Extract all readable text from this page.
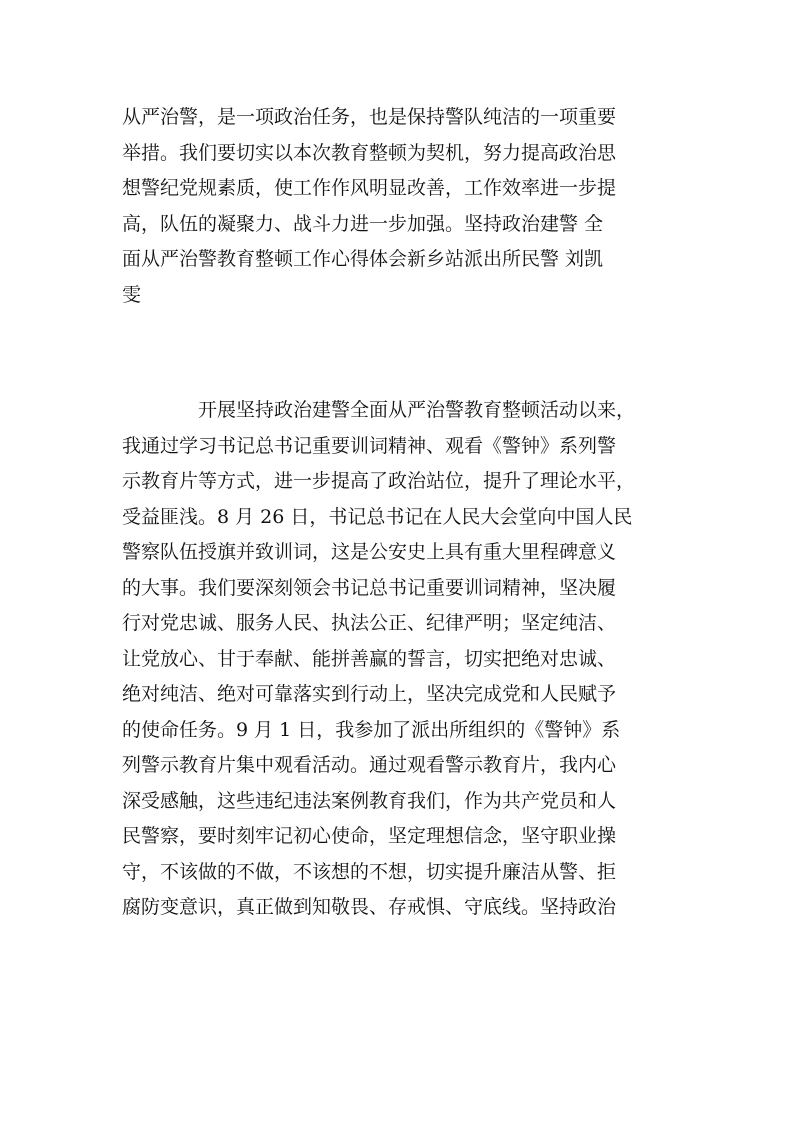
从严治警，是一项政治任务，也是保持警队纯洁的一项重要
举措。我们要切实以本次教育整顿为契机，努力提高政治思
想警纪党规素质，使工作作风明显改善，工作效率进一步提
高，队伍的凝聚力、战斗力进一步加强。坚持政治建警 全
面从严治警教育整顿工作心得体会新乡站派出所民警 刘凯
雯
开展坚持政治建警全面从严治警教育整顿活动以来，
我通过学习书记总书记重要训词精神、观看《警钟》系列警
示教育片等方式，进一步提高了政治站位，提升了理论水平，
受益匪浅。8 月 26 日，书记总书记在人民大会堂向中国人民
警察队伍授旗并致训词，这是公安史上具有重大里程碑意义
的大事。我们要深刻领会书记总书记重要训词精神，坚决履
行对党忠诚、服务人民、执法公正、纪律严明；坚定纯洁、
让党放心、甘于奉献、能拼善赢的誓言，切实把绝对忠诚、
绝对纯洁、绝对可靠落实到行动上，坚决完成党和人民赋予
的使命任务。9 月 1 日，我参加了派出所组织的《警钟》系
列警示教育片集中观看活动。通过观看警示教育片，我内心
深受感触，这些违纪违法案例教育我们，作为共产党员和人
民警察，要时刻牢记初心使命，坚定理想信念，坚守职业操
守，不该做的不做，不该想的不想，切实提升廉洁从警、拒
腐防变意识，真正做到知敬畏、存戒惧、守底线。坚持政治
